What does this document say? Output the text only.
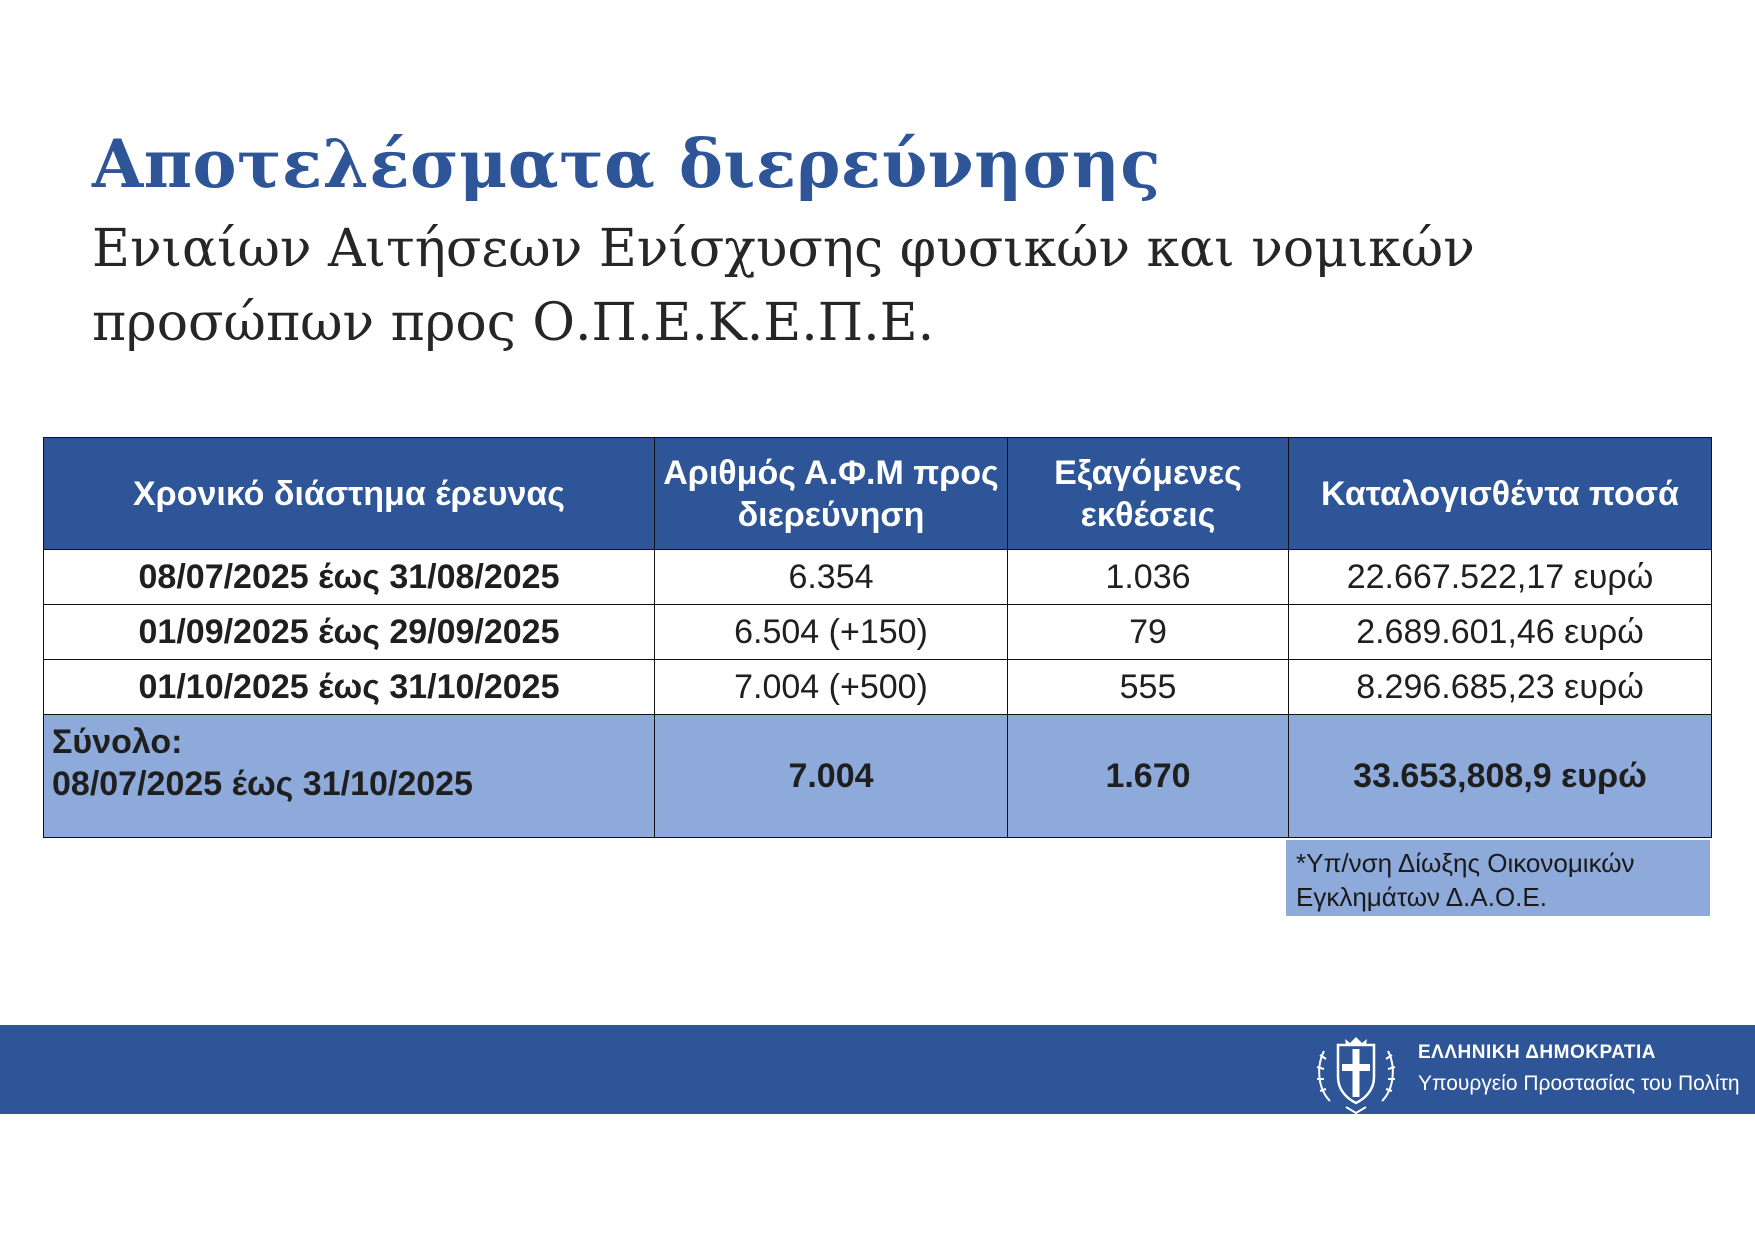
Αποτελέσματα διερεύνησης

Ενιαίων Αιτήσεων Ενίσχυσης φυσικών και νομικών προσώπων προς Ο.Π.Ε.Κ.Ε.Π.Ε.

Χρονικό διάστημα έρευνας	Αριθμός Α.Φ.Μ προς διερεύνηση	Εξαγόμενες εκθέσεις	Καταλογισθέντα ποσά
08/07/2025 έως 31/08/2025	6.354	1.036	22.667.522,17 ευρώ
01/09/2025 έως 29/09/2025	6.504 (+150)	79	2.689.601,46 ευρώ
01/10/2025 έως 31/10/2025	7.004 (+500)	555	8.296.685,23 ευρώ

Σύνολο:
08/07/2025 έως 31/10/2025	7.004	1.670	33.653,808,9 ευρώ
*Υπ/νση Δίωξης Οικονομικών
Εγκλημάτων Δ.Α.Ο.Ε.
ΕΛΛΗΝΙΚΗ ΔΗΜΟΚΡΑΤΙΑ
Υπουργείο Προστασίας του Πολίτη
